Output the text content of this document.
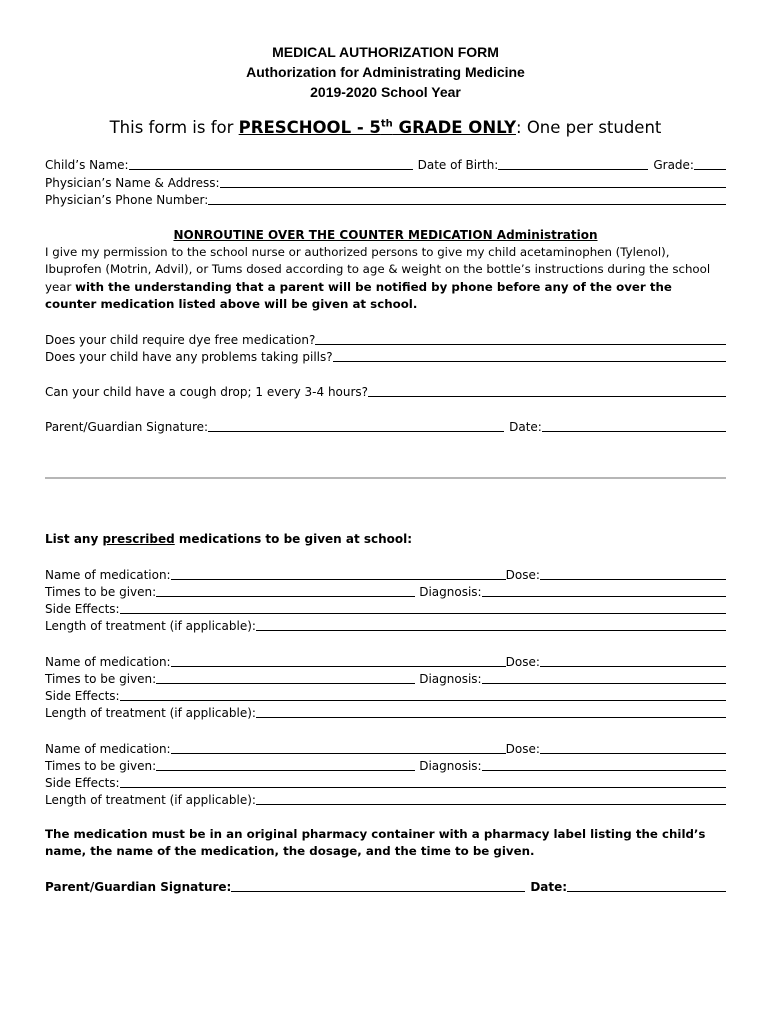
MEDICAL AUTHORIZATION FORM
Authorization for Administrating Medicine
2019-2020 School Year
This form is for PRESCHOOL - 5th GRADE ONLY: One per student
Child’s Name:	Date of Birth:	Grade:
Physician’s Name & Address:
Physician’s Phone Number:
NONROUTINE OVER THE COUNTER MEDICATION Administration
I give my permission to the school nurse or authorized persons to give my child acetaminophen (Tylenol), Ibuprofen (Motrin, Advil), or Tums dosed according to age & weight on the bottle’s instructions during the school year with the understanding that a parent will be notified by phone before any of the over the counter medication listed above will be given at school.
Does your child require dye free medication?
Does your child have any problems taking pills?
Can your child have a cough drop; 1 every 3-4 hours?
Parent/Guardian Signature:	Date:
List any prescribed medications to be given at school:
Name of medication:	Dose:
Times to be given:	Diagnosis:
Side Effects:
Length of treatment (if applicable):
Name of medication:	Dose:
Times to be given:	Diagnosis:
Side Effects:
Length of treatment (if applicable):
Name of medication:	Dose:
Times to be given:	Diagnosis:
Side Effects:
Length of treatment (if applicable):
The medication must be in an original pharmacy container with a pharmacy label listing the child’s name, the name of the medication, the dosage, and the time to be given.
Parent/Guardian Signature:	Date:
